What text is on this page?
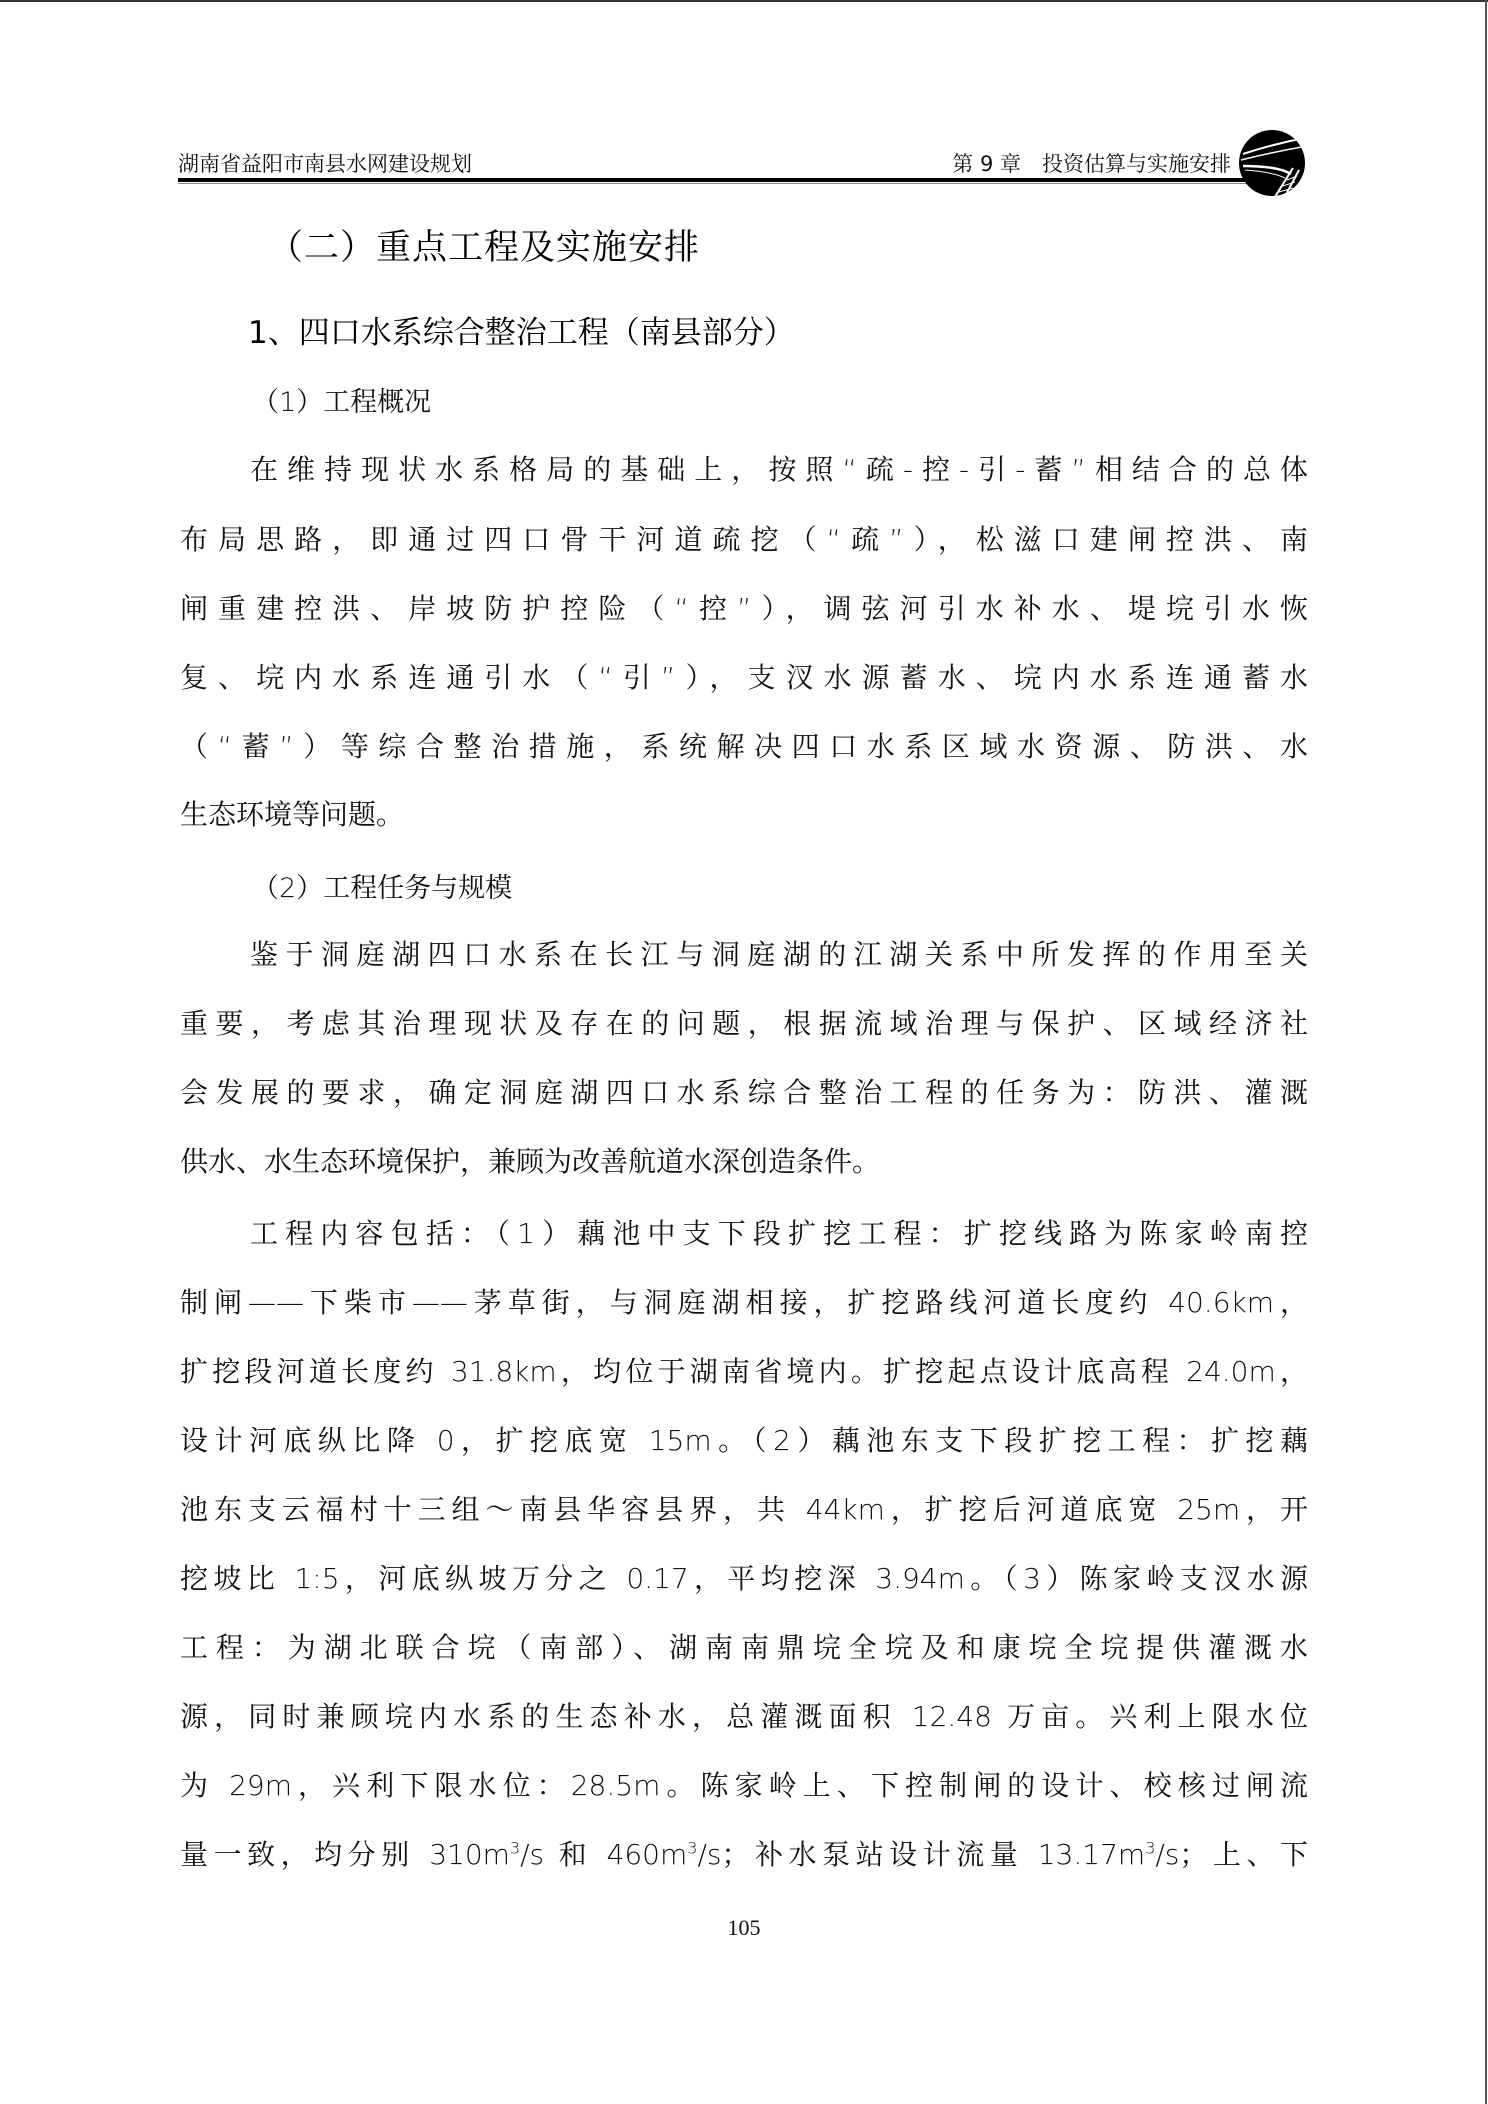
湖南省益阳市南县水网建设规划	第 9 章　投资估算与实施安排
（二）重点工程及实施安排
1、四口水系综合整治工程（南县部分）
（1）工程概况
在维持现状水系格局的基础上，按照“疏-控-引-蓄”相结合的总体
布局思路，即通过四口骨干河道疏挖（“疏”），松滋口建闸控洪、南
闸重建控洪、岸坡防护控险（“控”），调弦河引水补水、堤垸引水恢
复、垸内水系连通引水（“引”），支汊水源蓄水、垸内水系连通蓄水
（“蓄”）等综合整治措施，系统解决四口水系区域水资源、防洪、水
生态环境等问题。
（2）工程任务与规模
鉴于洞庭湖四口水系在长江与洞庭湖的江湖关系中所发挥的作用至关
重要，考虑其治理现状及存在的问题，根据流域治理与保护、区域经济社
会发展的要求，确定洞庭湖四口水系综合整治工程的任务为：防洪、灌溉
供水、水生态环境保护，兼顾为改善航道水深创造条件。
工程内容包括：（1）藕池中支下段扩挖工程：扩挖线路为陈家岭南控
制闸——下柴市——茅草街，与洞庭湖相接，扩挖路线河道长度约 40.6km，
扩挖段河道长度约 31.8km，均位于湖南省境内。扩挖起点设计底高程 24.0m，
设计河底纵比降 0，扩挖底宽 15m。（2）藕池东支下段扩挖工程：扩挖藕
池东支云福村十三组～南县华容县界，共 44km，扩挖后河道底宽 25m，开
挖坡比 1:5，河底纵坡万分之 0.17，平均挖深 3.94m。（3）陈家岭支汊水源
工程：为湖北联合垸（南部）、湖南南鼎垸全垸及和康垸全垸提供灌溉水
源，同时兼顾垸内水系的生态补水，总灌溉面积 12.48 万亩。兴利上限水位
为 29m，兴利下限水位：28.5m。陈家岭上、下控制闸的设计、校核过闸流
量一致，均分别 $310m^3/s$ 和 $460m^3/s$；补水泵站设计流量 $13.17m^3/s$；上、下
105
